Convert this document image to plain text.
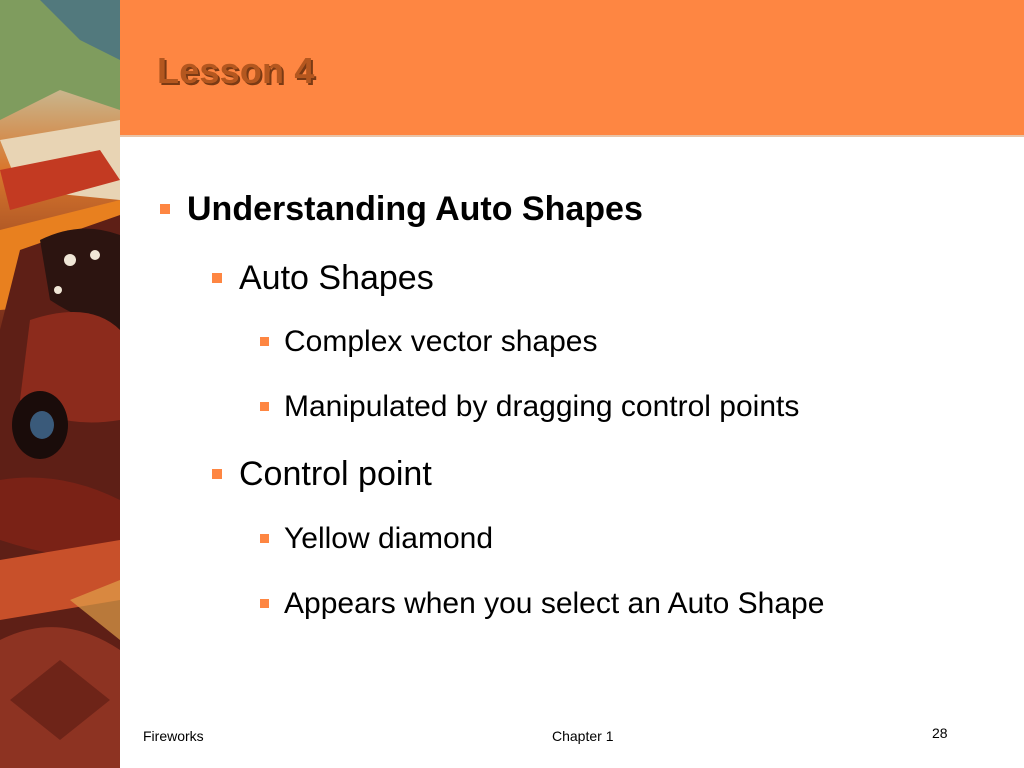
Lesson 4
Understanding Auto Shapes
Auto Shapes
Complex vector shapes
Manipulated by dragging control points
Control point
Yellow diamond
Appears when you select an Auto Shape
Fireworks	Chapter 1	28
